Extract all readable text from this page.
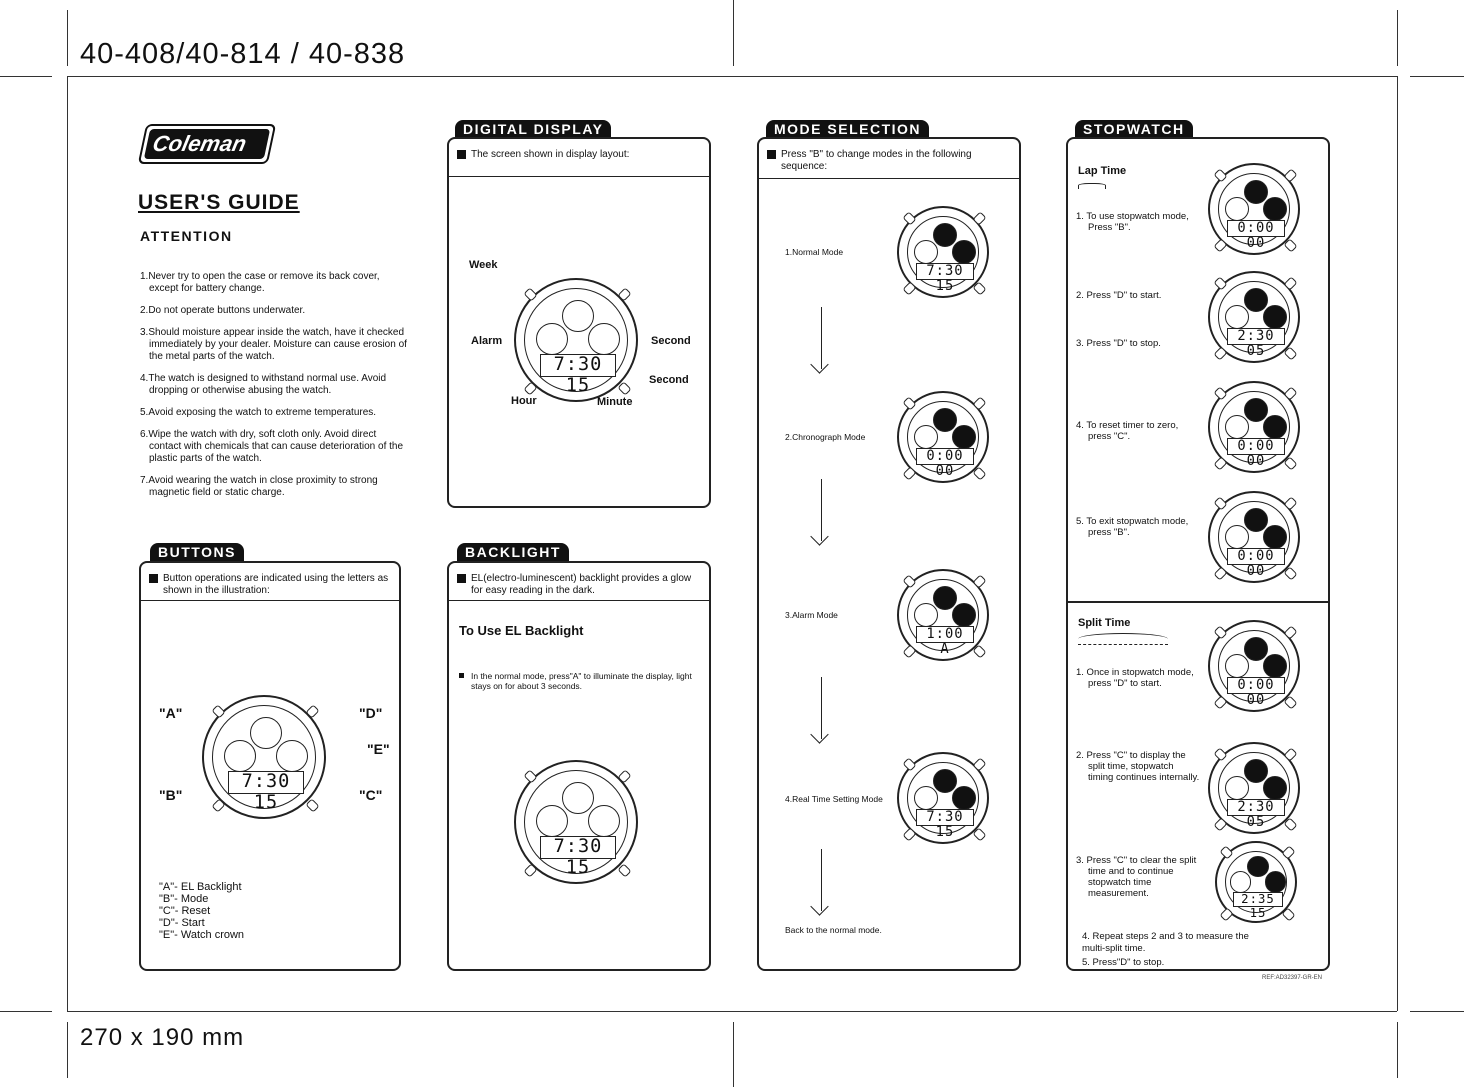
40-408/40-814 / 40-838
270 x 190 mm
Coleman
USER'S GUIDE
ATTENTION
1.Never try to open the case or remove its back cover, except for battery change.
2.Do not operate buttons underwater.
3.Should moisture appear inside the watch, have it checked immediately by your dealer. Moisture can cause erosion of the metal parts of the watch.
4.The watch is designed to withstand normal use. Avoid dropping or otherwise abusing the watch.
5.Avoid exposing the watch to extreme temperatures.
6.Wipe the watch with dry, soft cloth only. Avoid direct contact with chemicals that can cause deterioration of the plastic parts of the watch.
7.Avoid wearing the watch in close proximity to strong magnetic field or static charge.
BUTTONS
Button operations are indicated using the letters as shown in the illustration:
"A"
"B"
"D"
"E"
"C"
"A"- EL Backlight
"B"- Mode
"C"- Reset
"D"- Start
"E"- Watch crown
DIGITAL DISPLAY
The screen shown in display layout:
Week
Alarm	Second
Second
Hour	Minute
BACKLIGHT
EL(electro-luminescent) backlight provides a glow for easy reading in the dark.
To Use EL Backlight
In the normal mode, press"A" to illuminate the display, light stays on for about 3 seconds.
MODE SELECTION
Press "B" to change modes in the following sequence:
1.Normal Mode
2.Chronograph Mode
3.Alarm Mode
4.Real Time Setting Mode
Back to the normal mode.
STOPWATCH
Lap Time
Split Time
1. To use stopwatch mode, Press "B".
2. Press "D" to start.
3. Press "D" to stop.
4. To reset timer to zero, press "C".
5. To exit stopwatch mode, press "B".
1. Once in stopwatch mode, press "D" to start.
2. Press "C" to display the split time, stopwatch timing continues internally.
3. Press "C" to clear the split time and to continue stopwatch time measurement.
4. Repeat steps 2 and 3 to measure the multi-split time.
5. Press"D" to stop.
REF:AD32397-GR-EN
7:30 15
7:30 15
7:30 15
7:30 15
0:00 00
1:00 A
7:30 15
0:00 00
2:30 05
0:00 00
0:00 00
0:00 00
2:30 05
2:35 15
